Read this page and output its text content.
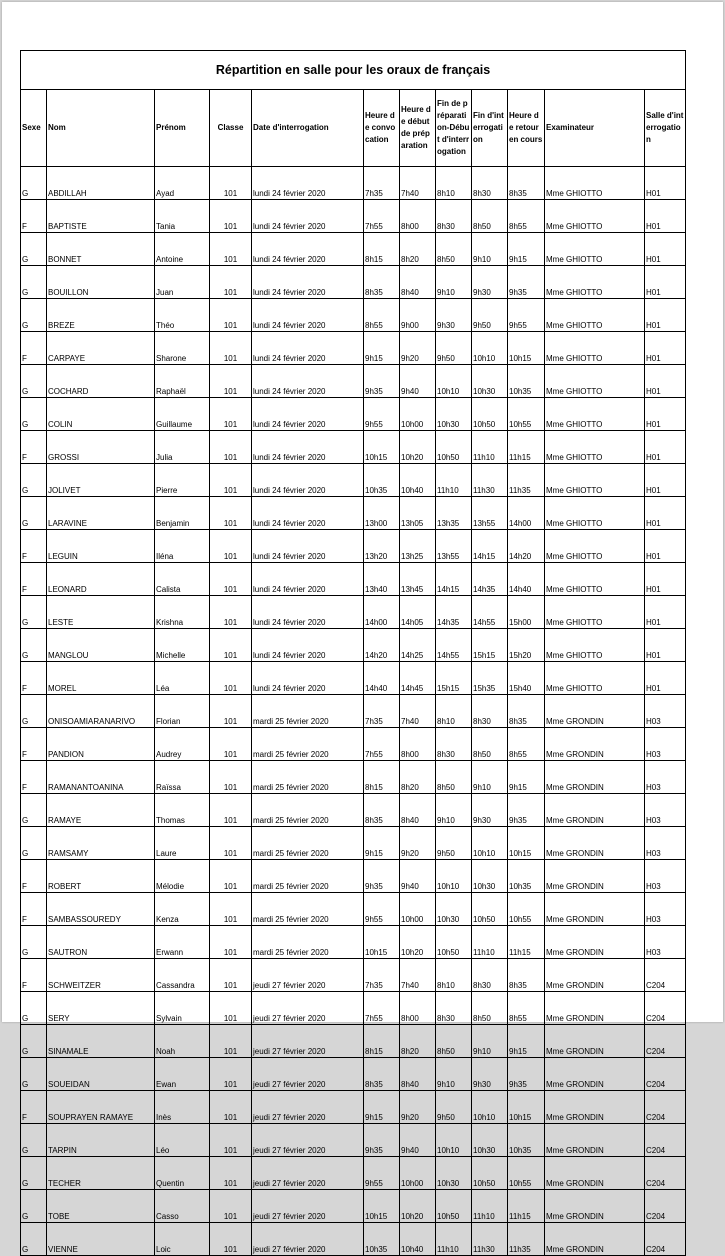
Répartition en salle pour les oraux de français											
Sexe	Nom	Prénom	Classe	Date d'interrogation	Heure de convocation	Heure de début de préparation	Fin de préparation-Début d'interrogation	Fin d'interrogation	Heure de retour en cours	Examinateur	Salle d'interrogation
G	ABDILLAH	Ayad	101	lundi 24 février 2020	7h35	7h40	8h10	8h30	8h35	Mme GHIOTTO	H01
F	BAPTISTE	Tania	101	lundi 24 février 2020	7h55	8h00	8h30	8h50	8h55	Mme GHIOTTO	H01
G	BONNET	Antoine	101	lundi 24 février 2020	8h15	8h20	8h50	9h10	9h15	Mme GHIOTTO	H01
G	BOUILLON	Juan	101	lundi 24 février 2020	8h35	8h40	9h10	9h30	9h35	Mme GHIOTTO	H01
G	BREZE	Théo	101	lundi 24 février 2020	8h55	9h00	9h30	9h50	9h55	Mme GHIOTTO	H01
F	CARPAYE	Sharone	101	lundi 24 février 2020	9h15	9h20	9h50	10h10	10h15	Mme GHIOTTO	H01
G	COCHARD	Raphaël	101	lundi 24 février 2020	9h35	9h40	10h10	10h30	10h35	Mme GHIOTTO	H01
G	COLIN	Guillaume	101	lundi 24 février 2020	9h55	10h00	10h30	10h50	10h55	Mme GHIOTTO	H01
F	GROSSI	Julia	101	lundi 24 février 2020	10h15	10h20	10h50	11h10	11h15	Mme GHIOTTO	H01
G	JOLIVET	Pierre	101	lundi 24 février 2020	10h35	10h40	11h10	11h30	11h35	Mme GHIOTTO	H01
G	LARAVINE	Benjamin	101	lundi 24 février 2020	13h00	13h05	13h35	13h55	14h00	Mme GHIOTTO	H01
F	LEGUIN	Iléna	101	lundi 24 février 2020	13h20	13h25	13h55	14h15	14h20	Mme GHIOTTO	H01
F	LEONARD	Calista	101	lundi 24 février 2020	13h40	13h45	14h15	14h35	14h40	Mme GHIOTTO	H01
G	LESTE	Krishna	101	lundi 24 février 2020	14h00	14h05	14h35	14h55	15h00	Mme GHIOTTO	H01
G	MANGLOU	Michelle	101	lundi 24 février 2020	14h20	14h25	14h55	15h15	15h20	Mme GHIOTTO	H01
F	MOREL	Léa	101	lundi 24 février 2020	14h40	14h45	15h15	15h35	15h40	Mme GHIOTTO	H01
G	ONISOAMIARANARIVO	Florian	101	mardi 25 février 2020	7h35	7h40	8h10	8h30	8h35	Mme GRONDIN	H03
F	PANDION	Audrey	101	mardi 25 février 2020	7h55	8h00	8h30	8h50	8h55	Mme GRONDIN	H03
F	RAMANANTOANINA	Raïssa	101	mardi 25 février 2020	8h15	8h20	8h50	9h10	9h15	Mme GRONDIN	H03
G	RAMAYE	Thomas	101	mardi 25 février 2020	8h35	8h40	9h10	9h30	9h35	Mme GRONDIN	H03
G	RAMSAMY	Laure	101	mardi 25 février 2020	9h15	9h20	9h50	10h10	10h15	Mme GRONDIN	H03
F	ROBERT	Mélodie	101	mardi 25 février 2020	9h35	9h40	10h10	10h30	10h35	Mme GRONDIN	H03
F	SAMBASSOUREDY	Kenza	101	mardi 25 février 2020	9h55	10h00	10h30	10h50	10h55	Mme GRONDIN	H03
G	SAUTRON	Erwann	101	mardi 25 février 2020	10h15	10h20	10h50	11h10	11h15	Mme GRONDIN	H03
F	SCHWEITZER	Cassandra	101	jeudi 27 février 2020	7h35	7h40	8h10	8h30	8h35	Mme GRONDIN	C204
G	SERY	Sylvain	101	jeudi 27 février 2020	7h55	8h00	8h30	8h50	8h55	Mme GRONDIN	C204
G	SINAMALE	Noah	101	jeudi 27 février 2020	8h15	8h20	8h50	9h10	9h15	Mme GRONDIN	C204
G	SOUEIDAN	Ewan	101	jeudi 27 février 2020	8h35	8h40	9h10	9h30	9h35	Mme GRONDIN	C204
F	SOUPRAYEN RAMAYE	Inès	101	jeudi 27 février 2020	9h15	9h20	9h50	10h10	10h15	Mme GRONDIN	C204
G	TARPIN	Léo	101	jeudi 27 février 2020	9h35	9h40	10h10	10h30	10h35	Mme GRONDIN	C204
G	TECHER	Quentin	101	jeudi 27 février 2020	9h55	10h00	10h30	10h50	10h55	Mme GRONDIN	C204
G	TOBE	Casso	101	jeudi 27 février 2020	10h15	10h20	10h50	11h10	11h15	Mme GRONDIN	C204
G	VIENNE	Loic	101	jeudi 27 février 2020	10h35	10h40	11h10	11h30	11h35	Mme GRONDIN	C204
